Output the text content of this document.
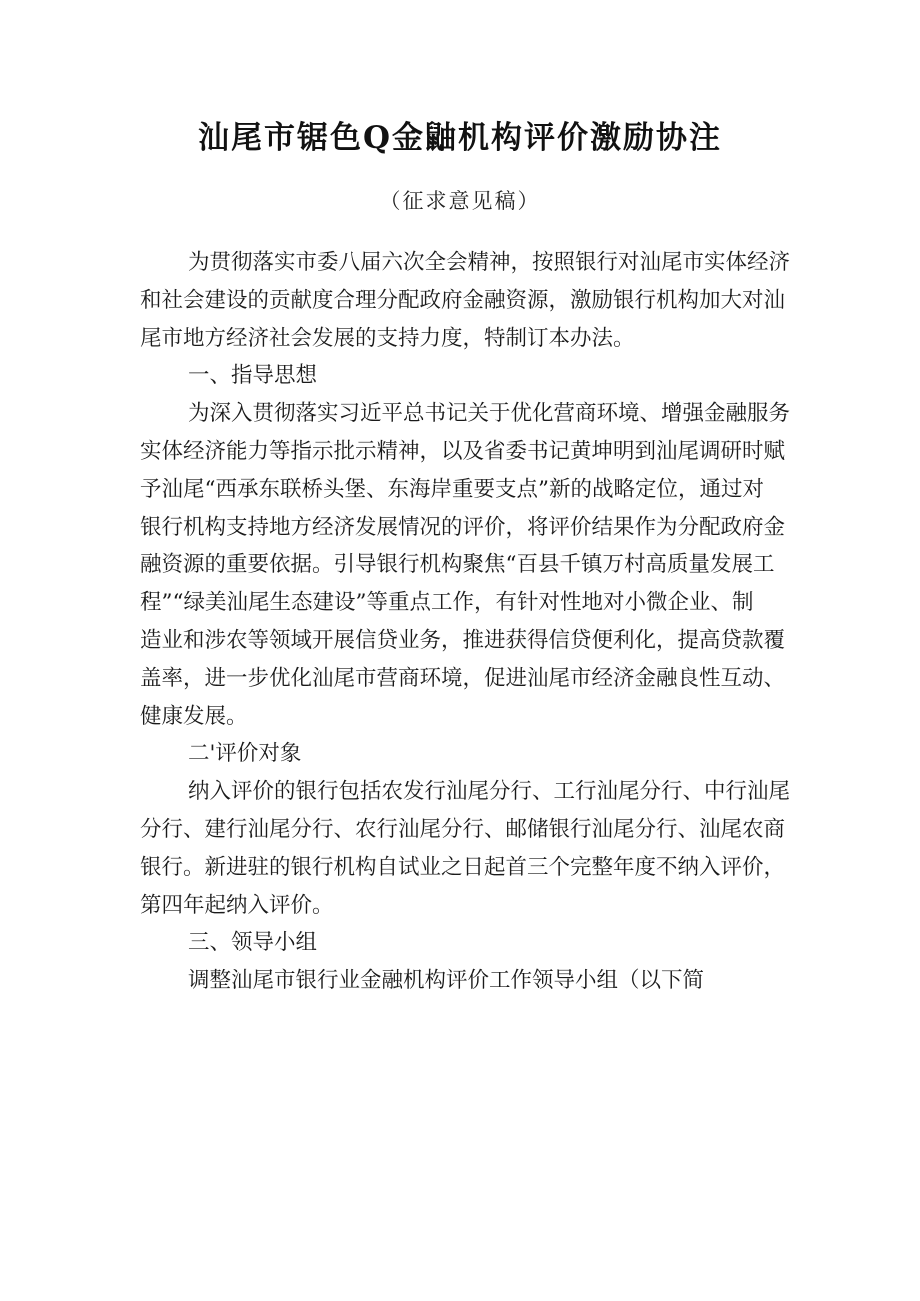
汕尾市锯色Q金鼬机构评价激励协注
（征求意见稿）
为贯彻落实市委八届六次全会精神，按照银行对汕尾市实体经济
和社会建设的贡献度合理分配政府金融资源，激励银行机构加大对汕
尾市地方经济社会发展的支持力度，特制订本办法。
一、指导思想
为深入贯彻落实习近平总书记关于优化营商环境、增强金融服务
实体经济能力等指示批示精神，以及省委书记黄坤明到汕尾调研时赋
予汕尾“西承东联桥头堡、东海岸重要支点”新的战略定位，通过对
银行机构支持地方经济发展情况的评价，将评价结果作为分配政府金
融资源的重要依据。引导银行机构聚焦“百县千镇万村高质量发展工
程”“绿美汕尾生态建设”等重点工作，有针对性地对小微企业、制
造业和涉农等领域开展信贷业务，推进获得信贷便利化，提高贷款覆
盖率，进一步优化汕尾市营商环境，促进汕尾市经济金融良性互动、
健康发展。
二'评价对象
纳入评价的银行包括农发行汕尾分行、工行汕尾分行、中行汕尾
分行、建行汕尾分行、农行汕尾分行、邮储银行汕尾分行、汕尾农商
银行。新进驻的银行机构自试业之日起首三个完整年度不纳入评价，
第四年起纳入评价。
三、领导小组
调整汕尾市银行业金融机构评价工作领导小组（以下简
